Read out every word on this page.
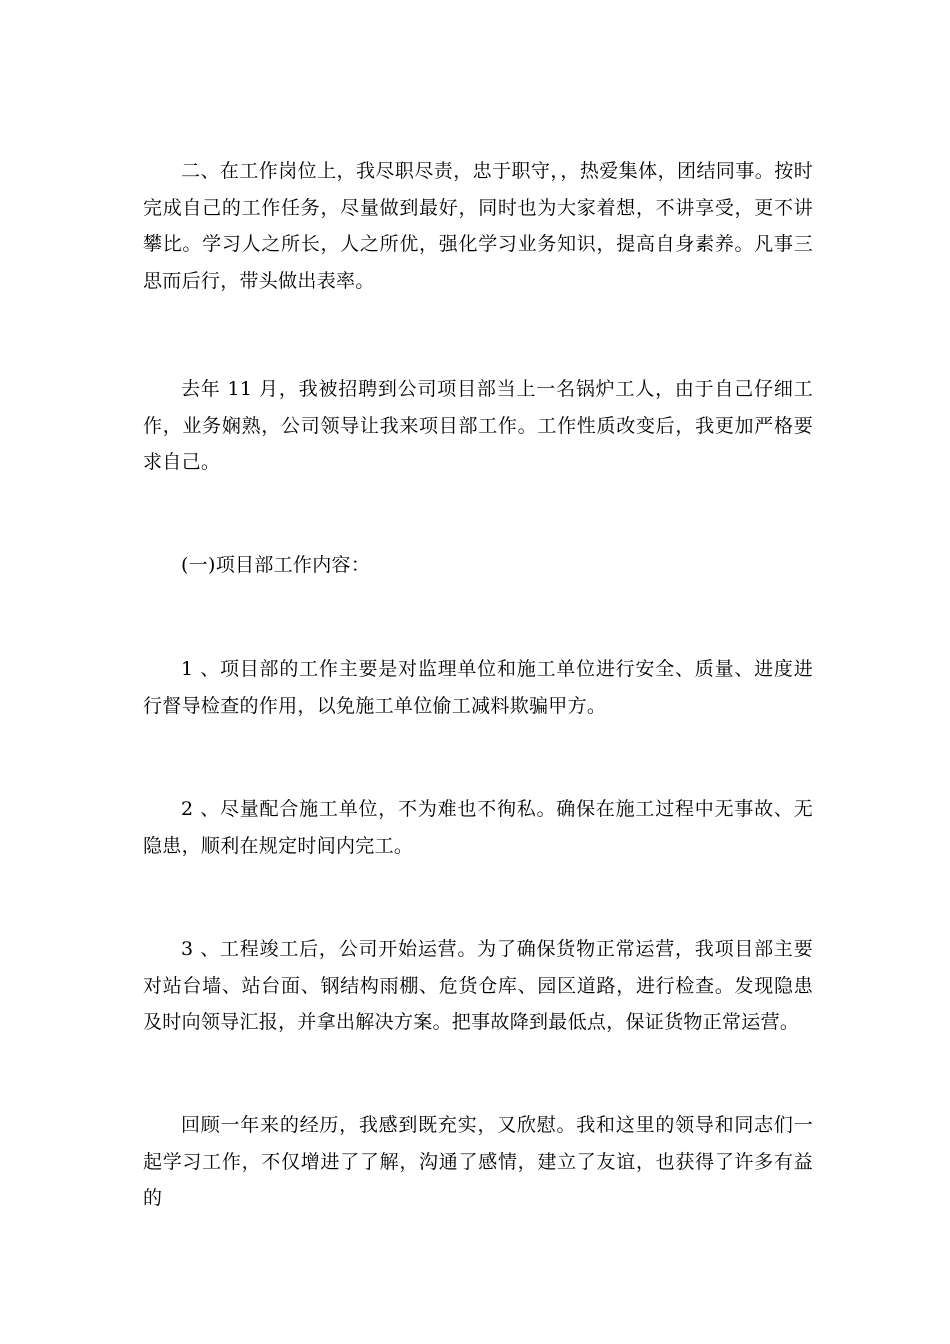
二、在工作岗位上，我尽职尽责，忠于职守，，热爱集体，团结同事。按时完成自己的工作任务，尽量做到最好，同时也为大家着想，不讲享受，更不讲攀比。学习人之所长，人之所优，强化学习业务知识，提高自身素养。凡事三思而后行，带头做出表率。

去年 11 月，我被招聘到公司项目部当上一名锅炉工人，由于自己仔细工作，业务娴熟，公司领导让我来项目部工作。工作性质改变后，我更加严格要求自己。

(一)项目部工作内容：

1 、项目部的工作主要是对监理单位和施工单位进行安全、质量、进度进行督导检查的作用，以免施工单位偷工减料欺骗甲方。

2 、尽量配合施工单位，不为难也不徇私。确保在施工过程中无事故、无隐患，顺利在规定时间内完工。

3 、工程竣工后，公司开始运营。为了确保货物正常运营，我项目部主要对站台墙、站台面、钢结构雨棚、危货仓库、园区道路，进行检查。发现隐患及时向领导汇报，并拿出解决方案。把事故降到最低点，保证货物正常运营。

回顾一年来的经历，我感到既充实，又欣慰。我和这里的领导和同志们一起学习工作，不仅增进了了解，沟通了感情，建立了友谊，也获得了许多有益的
